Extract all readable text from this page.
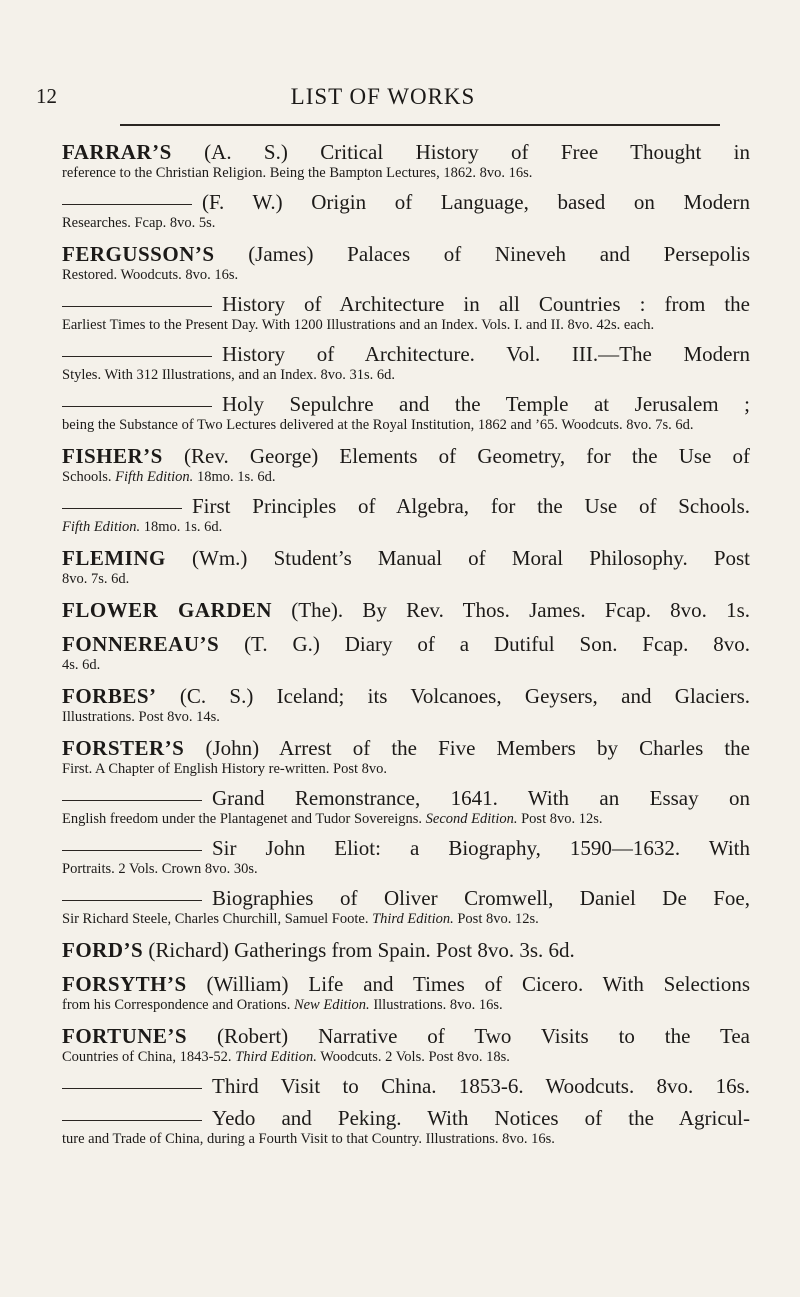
12	LIST OF WORKS
FARRAR’S (A. S.) Critical History of Free Thought in
reference to the Christian Religion. Being the Bampton Lectures, 1862. 8vo. 16s.
(F. W.) Origin of Language, based on Modern
Researches. Fcap. 8vo. 5s.
FERGUSSON’S (James) Palaces of Nineveh and Persepolis
Restored. Woodcuts. 8vo. 16s.
History of Architecture in all Countries : from the
Earliest Times to the Present Day. With 1200 Illustrations and an Index. Vols. I. and II. 8vo. 42s. each.
History of Architecture. Vol. III.—The Modern
Styles. With 312 Illustrations, and an Index. 8vo. 31s. 6d.
Holy Sepulchre and the Temple at Jerusalem ;
being the Substance of Two Lectures delivered at the Royal Institution, 1862 and ’65. Woodcuts. 8vo. 7s. 6d.
FISHER’S (Rev. George) Elements of Geometry, for the Use of
Schools. Fifth Edition. 18mo. 1s. 6d.
First Principles of Algebra, for the Use of Schools.
Fifth Edition. 18mo. 1s. 6d.
FLEMING (Wm.) Student’s Manual of Moral Philosophy. Post
8vo. 7s. 6d.
FLOWER GARDEN (The). By Rev. Thos. James. Fcap. 8vo. 1s.
FONNEREAU’S (T. G.) Diary of a Dutiful Son. Fcap. 8vo.
4s. 6d.
FORBES’ (C. S.) Iceland; its Volcanoes, Geysers, and Glaciers.
Illustrations. Post 8vo. 14s.
FORSTER’S (John) Arrest of the Five Members by Charles the
First. A Chapter of English History re-written. Post 8vo.
Grand Remonstrance, 1641. With an Essay on
English freedom under the Plantagenet and Tudor Sovereigns. Second Edition. Post 8vo. 12s.
Sir John Eliot: a Biography, 1590—1632. With
Portraits. 2 Vols. Crown 8vo. 30s.
Biographies of Oliver Cromwell, Daniel De Foe,
Sir Richard Steele, Charles Churchill, Samuel Foote. Third Edition. Post 8vo. 12s.
FORD’S (Richard) Gatherings from Spain. Post 8vo. 3s. 6d.
FORSYTH’S (William) Life and Times of Cicero. With Selections
from his Correspondence and Orations. New Edition. Illustrations. 8vo. 16s.
FORTUNE’S (Robert) Narrative of Two Visits to the Tea
Countries of China, 1843-52. Third Edition. Woodcuts. 2 Vols. Post 8vo. 18s.
Third Visit to China. 1853-6. Woodcuts. 8vo. 16s.
Yedo and Peking. With Notices of the Agricul-
ture and Trade of China, during a Fourth Visit to that Country. Illustrations. 8vo. 16s.
